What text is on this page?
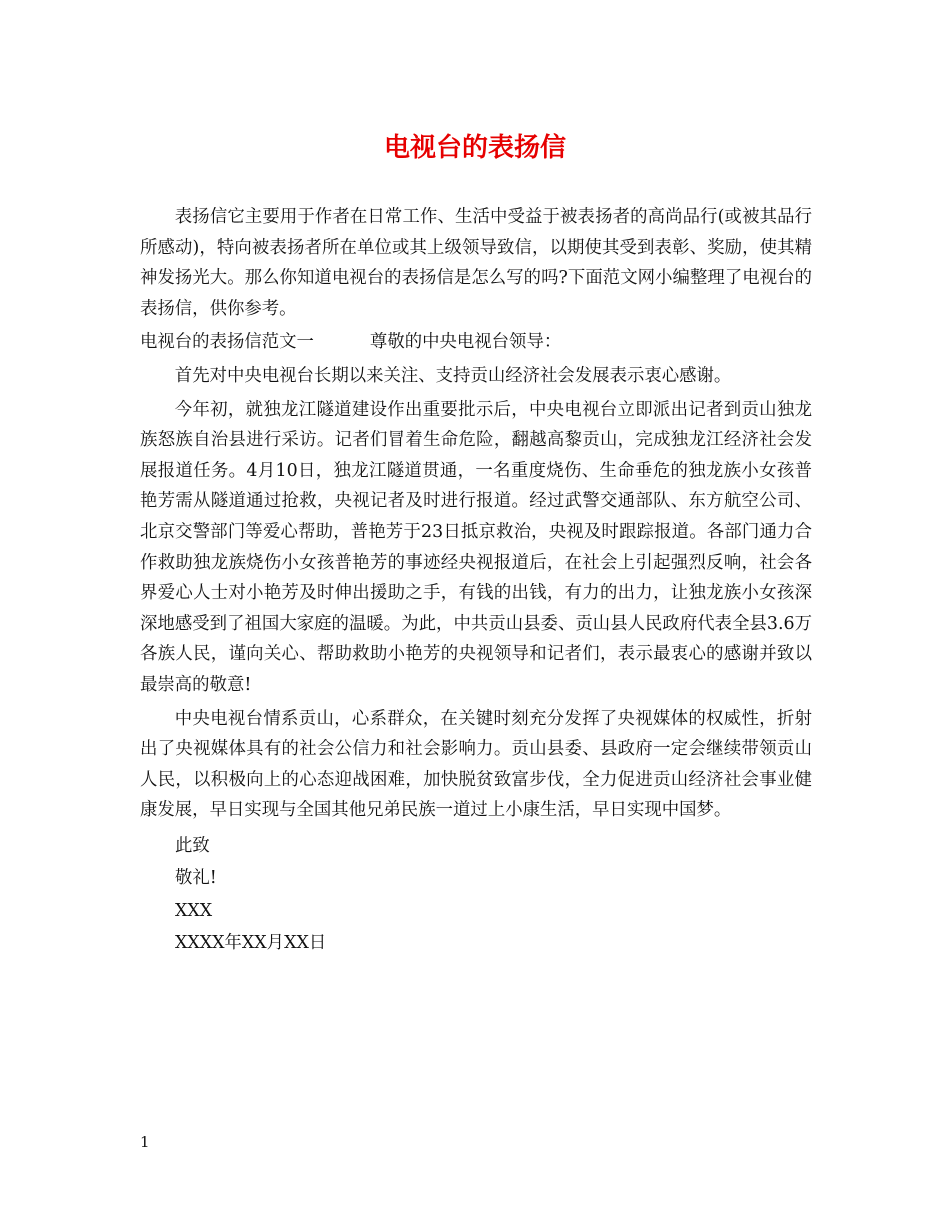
电视台的表扬信

表扬信它主要用于作者在日常工作、生活中受益于被表扬者的高尚品行(或被其品行所感动)，特向被表扬者所在单位或其上级领导致信，以期使其受到表彰、奖励，使其精神发扬光大。那么你知道电视台的表扬信是怎么写的吗?下面范文网小编整理了电视台的表扬信，供你参考。

电视台的表扬信范文一	尊敬的中央电视台领导：

首先对中央电视台长期以来关注、支持贡山经济社会发展表示衷心感谢。

今年初，就独龙江隧道建设作出重要批示后，中央电视台立即派出记者到贡山独龙族怒族自治县进行采访。记者们冒着生命危险，翻越高黎贡山，完成独龙江经济社会发展报道任务。4月10日，独龙江隧道贯通，一名重度烧伤、生命垂危的独龙族小女孩普艳芳需从隧道通过抢救，央视记者及时进行报道。经过武警交通部队、东方航空公司、北京交警部门等爱心帮助，普艳芳于23日抵京救治，央视及时跟踪报道。各部门通力合作救助独龙族烧伤小女孩普艳芳的事迹经央视报道后，在社会上引起强烈反响，社会各界爱心人士对小艳芳及时伸出援助之手，有钱的出钱，有力的出力，让独龙族小女孩深深地感受到了祖国大家庭的温暖。为此，中共贡山县委、贡山县人民政府代表全县3.6万各族人民，谨向关心、帮助救助小艳芳的央视领导和记者们，表示最衷心的感谢并致以最崇高的敬意!

中央电视台情系贡山，心系群众，在关键时刻充分发挥了央视媒体的权威性，折射出了央视媒体具有的社会公信力和社会影响力。贡山县委、县政府一定会继续带领贡山人民，以积极向上的心态迎战困难，加快脱贫致富步伐，全力促进贡山经济社会事业健康发展，早日实现与全国其他兄弟民族一道过上小康生活，早日实现中国梦。

此致

敬礼!

XXX

XXXX年XX月XX日

1
